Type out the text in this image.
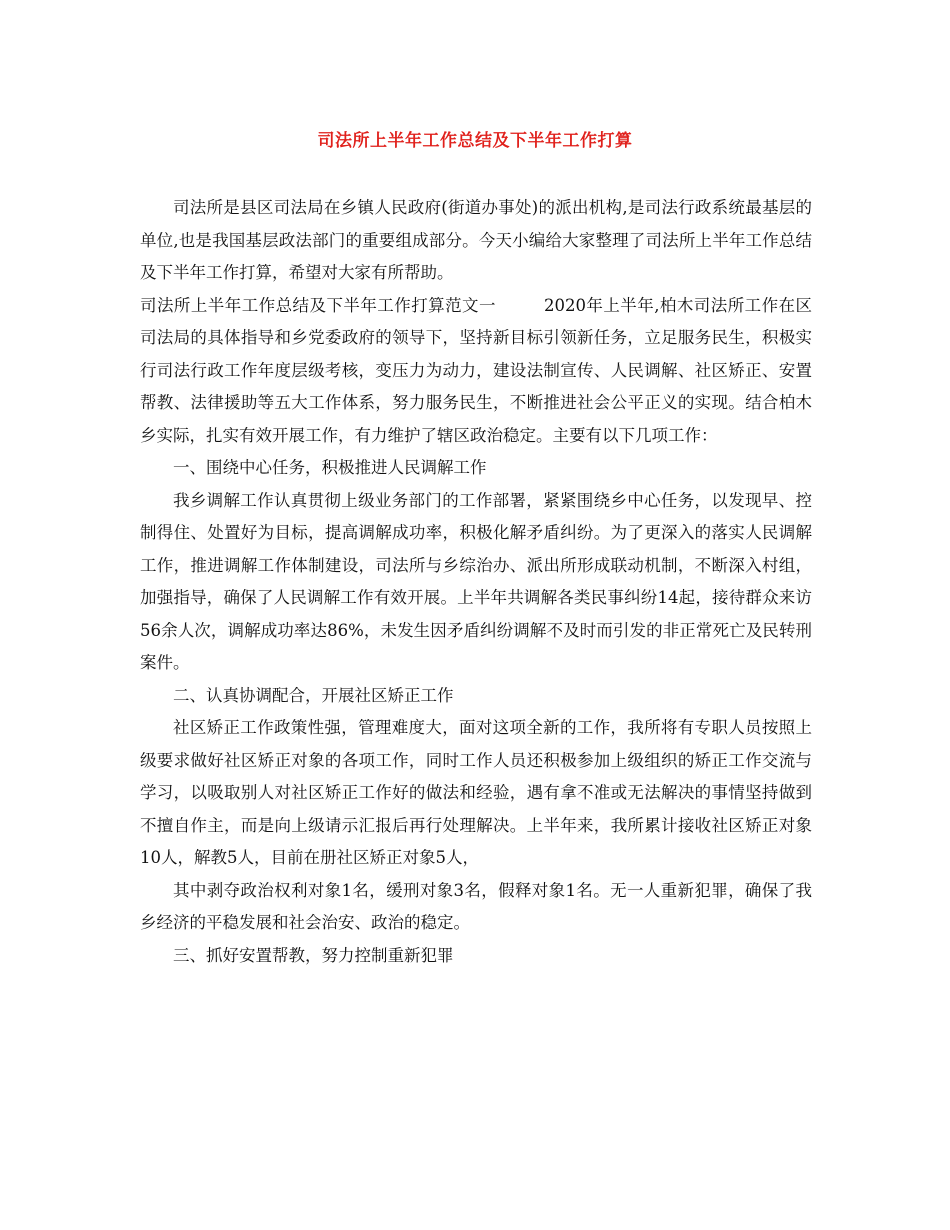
司法所上半年工作总结及下半年工作打算

司法所是县区司法局在乡镇人民政府(街道办事处)的派出机构,是司法行政系统最基层的单位,也是我国基层政法部门的重要组成部分。今天小编给大家整理了司法所上半年工作总结及下半年工作打算，希望对大家有所帮助。

司法所上半年工作总结及下半年工作打算范文一	2020年上半年,柏木司法所工作在区司法局的具体指导和乡党委政府的领导下，坚持新目标引领新任务，立足服务民生，积极实行司法行政工作年度层级考核，变压力为动力，建设法制宣传、人民调解、社区矫正、安置帮教、法律援助等五大工作体系，努力服务民生，不断推进社会公平正义的实现。结合柏木乡实际，扎实有效开展工作，有力维护了辖区政治稳定。主要有以下几项工作：

一、围绕中心任务，积极推进人民调解工作

我乡调解工作认真贯彻上级业务部门的工作部署，紧紧围绕乡中心任务，以发现早、控制得住、处置好为目标，提高调解成功率，积极化解矛盾纠纷。为了更深入的落实人民调解工作，推进调解工作体制建设，司法所与乡综治办、派出所形成联动机制，不断深入村组，加强指导，确保了人民调解工作有效开展。上半年共调解各类民事纠纷14起，接待群众来访56余人次，调解成功率达86%，未发生因矛盾纠纷调解不及时而引发的非正常死亡及民转刑案件。

二、认真协调配合，开展社区矫正工作

社区矫正工作政策性强，管理难度大，面对这项全新的工作，我所将有专职人员按照上级要求做好社区矫正对象的各项工作，同时工作人员还积极参加上级组织的矫正工作交流与学习，以吸取别人对社区矫正工作好的做法和经验，遇有拿不准或无法解决的事情坚持做到不擅自作主，而是向上级请示汇报后再行处理解决。上半年来，我所累计接收社区矫正对象10人，解教5人，目前在册社区矫正对象5人，

其中剥夺政治权利对象1名，缓刑对象3名，假释对象1名。无一人重新犯罪，确保了我乡经济的平稳发展和社会治安、政治的稳定。

三、抓好安置帮教，努力控制重新犯罪
